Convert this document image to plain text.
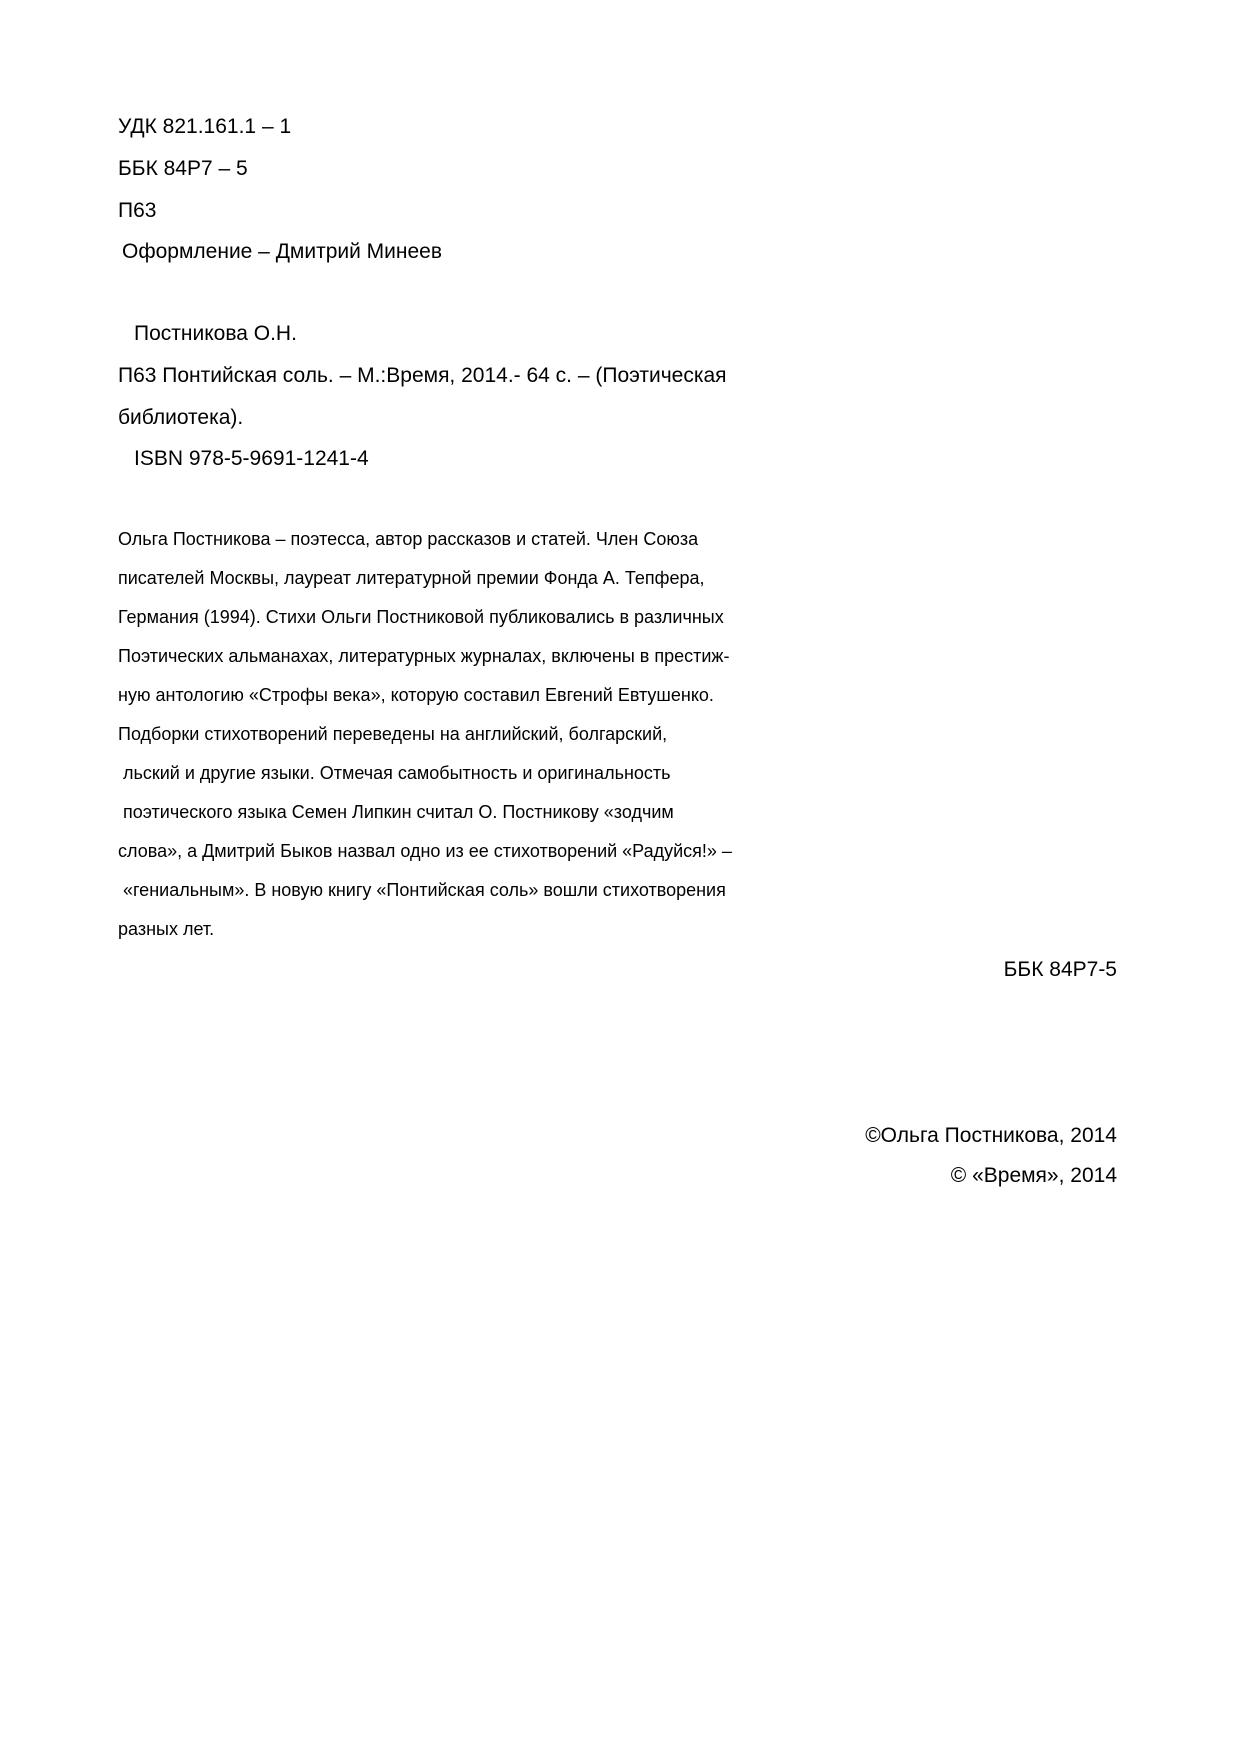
УДК 821.161.1 – 1
ББК 84Р7 – 5
П63
Оформление – Дмитрий Минеев
Постникова О.Н.
П63 Понтийская соль. – М.:Время, 2014.- 64 с. – (Поэтическая
библиотека).
ISBN 978-5-9691-1241-4
Ольга Постникова – поэтесса, автор рассказов и статей. Член Союза
писателей Москвы, лауреат литературной премии Фонда А. Тепфера,
Германия (1994). Стихи Ольги Постниковой публиковались в различных
Поэтических альманахах, литературных журналах, включены в престиж-
ную антологию «Строфы века», которую составил Евгений Евтушенко.
Подборки стихотворений переведены на английский, болгарский,
льский и другие языки. Отмечая самобытность и оригинальность
поэтического языка Семен Липкин считал О. Постникову «зодчим
слова», а Дмитрий Быков назвал одно из ее стихотворений «Радуйся!» –
«гениальным». В новую книгу «Понтийская соль» вошли стихотворения
разных лет.
ББК 84Р7-5
©Ольга Постникова, 2014
© «Время», 2014
